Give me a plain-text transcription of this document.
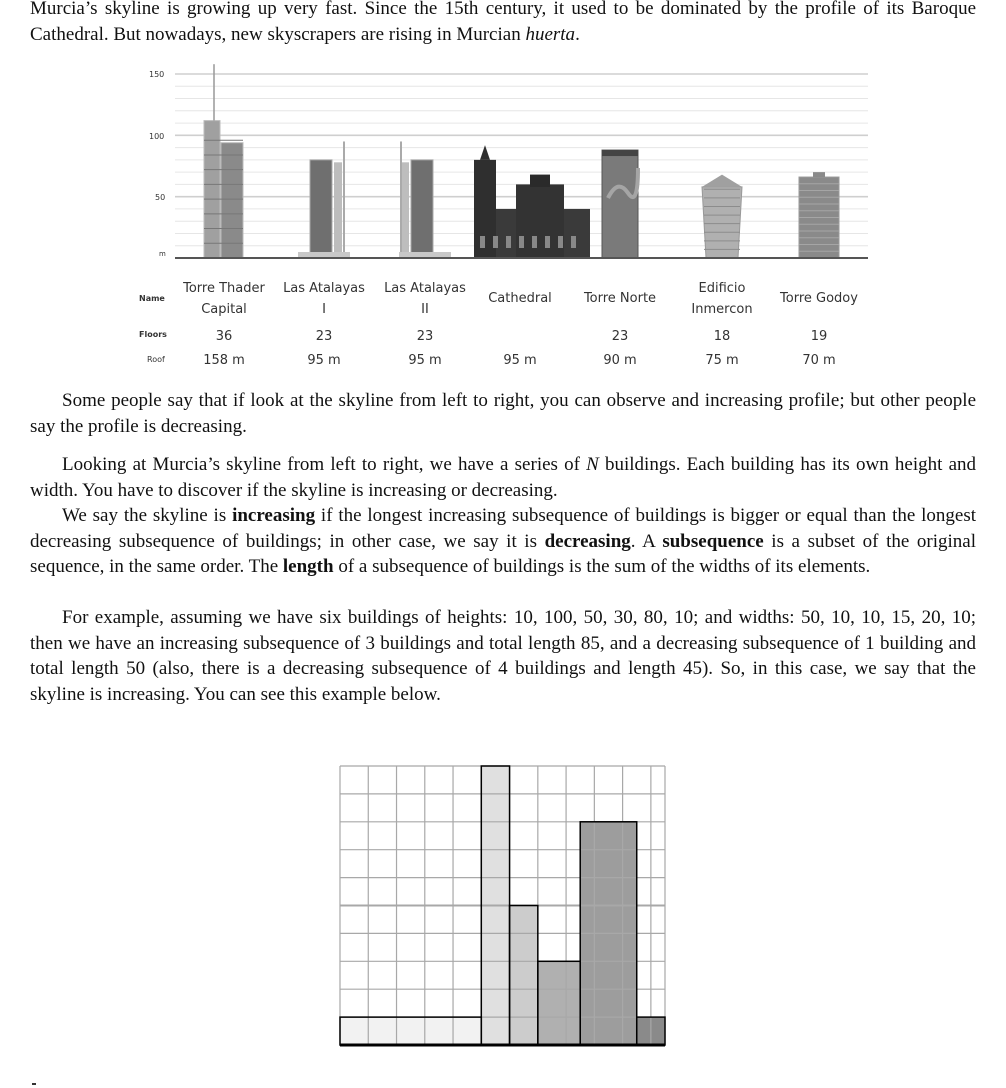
Murcia’s skyline is growing up very fast. Since the 15th century, it used to be dominated by the profile of its Baroque Cathedral. But nowadays, new skyscrapers are rising in Murcian huerta.

150
100
50
m
Name
Floors
Roof
Torre Thader
Capital
36
158 m
Las Atalayas
I
23
95 m
Las Atalayas
II
23
95 m
Cathedral
95 m
Torre Norte
23
90 m
Edificio
Inmercon
18
75 m
Torre Godoy
19
70 m

Some people say that if look at the skyline from left to right, you can observe and increasing profile; but other people say the profile is decreasing.

Looking at Murcia’s skyline from left to right, we have a series of N buildings. Each building has its own height and width. You have to discover if the skyline is increasing or decreasing.

We say the skyline is increasing if the longest increasing subsequence of buildings is bigger or equal than the longest decreasing subsequence of buildings; in other case, we say it is decreasing. A subsequence is a subset of the original sequence, in the same order. The length of a subsequence of buildings is the sum of the widths of its elements.

For example, assuming we have six buildings of heights: 10, 100, 50, 30, 80, 10; and widths: 50, 10, 10, 15, 20, 10; then we have an increasing subsequence of 3 buildings and total length 85, and a decreasing subsequence of 1 building and total length 50 (also, there is a decreasing subsequence of 4 buildings and length 45). So, in this case, we say that the skyline is increasing. You can see this example below.
